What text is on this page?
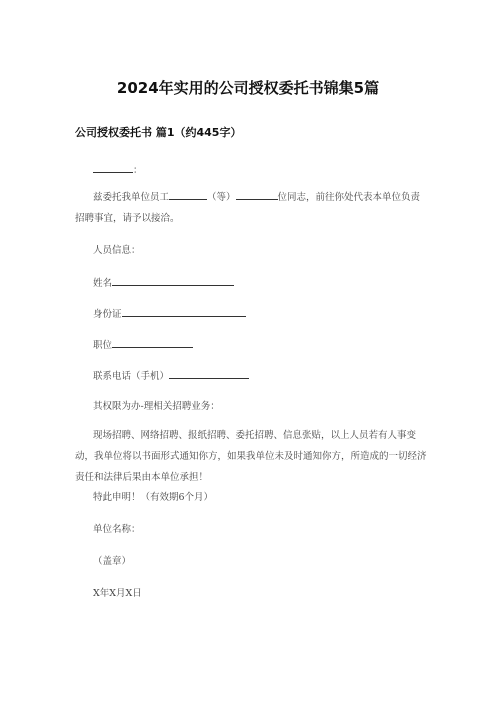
2024年实用的公司授权委托书锦集5篇
公司授权委托书 篇1（约445字）
：
兹委托我单位员工	（等）	位同志，前往你处代表本单位负责招聘事宜，请予以接洽。
人员信息：
姓名
身份证
职位
联系电话（手机）
其权限为办-理相关招聘业务：
现场招聘、网络招聘、报纸招聘、委托招聘、信息张贴，以上人员若有人事变动，我单位将以书面形式通知你方，如果我单位未及时通知你方，所造成的一切经济责任和法律后果由本单位承担！
特此申明！（有效期6个月）
单位名称：
（盖章）
X年X月X日
